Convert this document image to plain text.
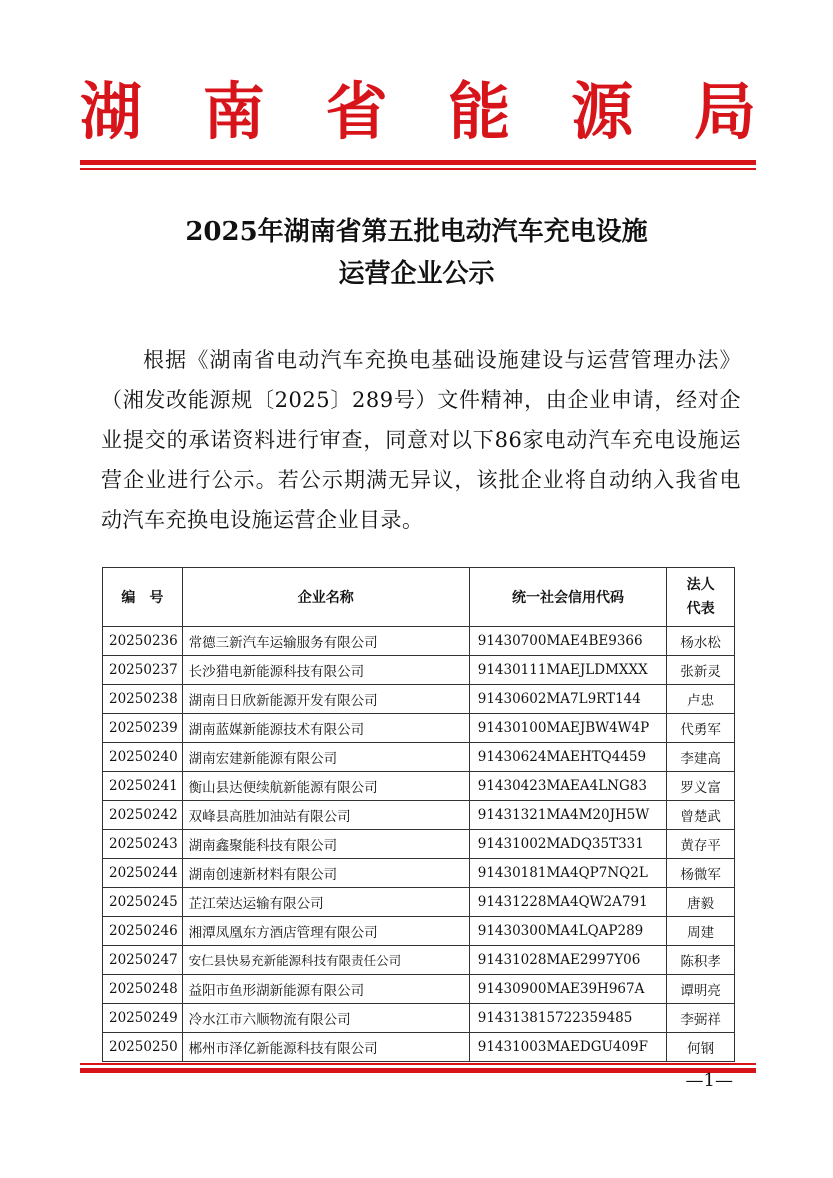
湖 南 省 能 源 局
2025年湖南省第五批电动汽车充电设施
运营企业公示

根据《湖南省电动汽车充换电基础设施建设与运营管理办法》（湘发改能源规〔2025〕289号）文件精神，由企业申请，经对企业提交的承诺资料进行审查，同意对以下86家电动汽车充电设施运营企业进行公示。若公示期满无异议，该批企业将自动纳入我省电动汽车充换电设施运营企业目录。

编　号	企业名称	统一社会信用代码	法人
代表

20250236	常德三新汽车运输服务有限公司	91430700MAE4BE9366	杨水松
20250237	长沙猎电新能源科技有限公司	91430111MAEJLDMXXX	张新灵
20250238	湖南日日欣新能源开发有限公司	91430602MA7L9RT144	卢忠
20250239	湖南蓝媒新能源技术有限公司	91430100MAEJBW4W4P	代勇军
20250240	湖南宏建新能源有限公司	91430624MAEHTQ4459	李建高
20250241	衡山县达便续航新能源有限公司	91430423MAEA4LNG83	罗义富
20250242	双峰县高胜加油站有限公司	91431321MA4M20JH5W	曾楚武
20250243	湖南鑫聚能科技有限公司	91431002MADQ35T331	黄存平
20250244	湖南创速新材料有限公司	91430181MA4QP7NQ2L	杨微军
20250245	芷江荣达运输有限公司	91431228MA4QW2A791	唐毅
20250246	湘潭凤凰东方酒店管理有限公司	91430300MA4LQAP289	周建
20250247	安仁县快易充新能源科技有限责任公司	91431028MAE2997Y06	陈积孝
20250248	益阳市鱼形湖新能源有限公司	91430900MAE39H967A	谭明亮
20250249	冷水江市六顺物流有限公司	914313815722359485	李弼祥
20250250	郴州市泽亿新能源科技有限公司	91431003MAEDGU409F	何钢
—1—
